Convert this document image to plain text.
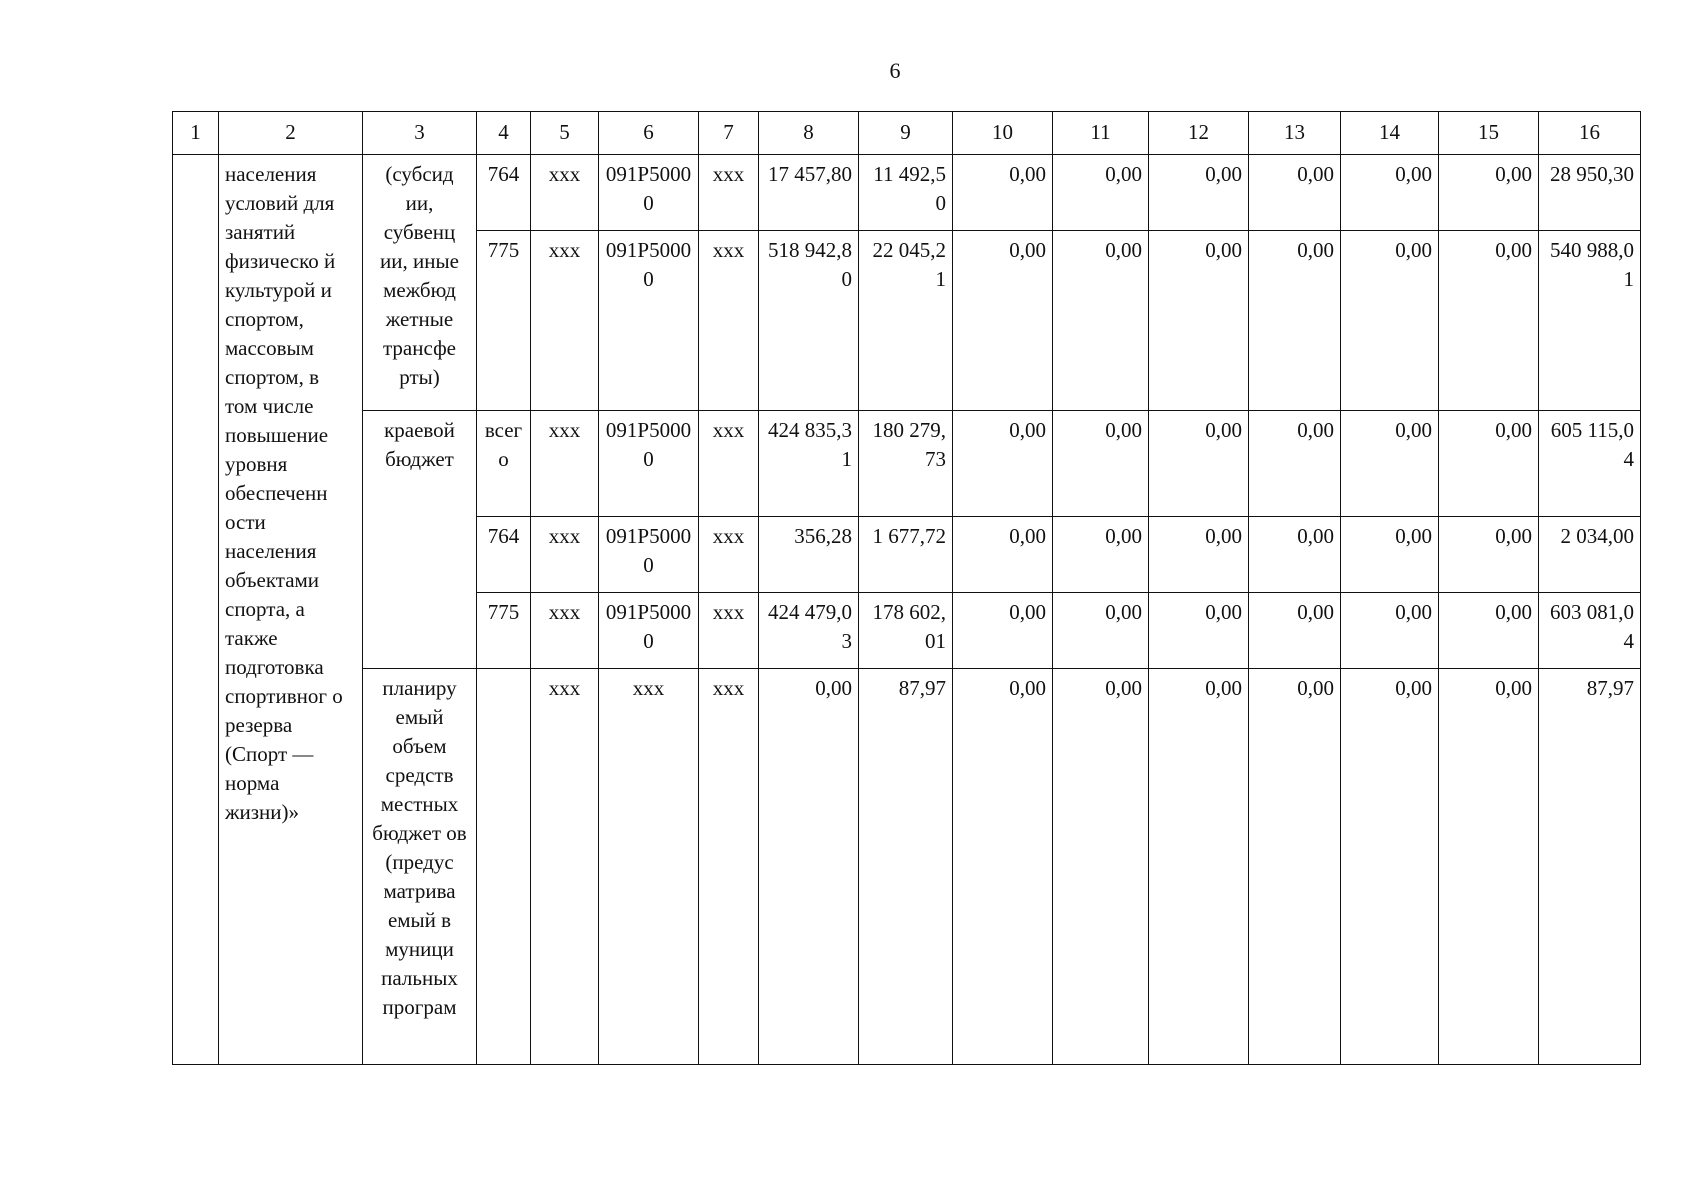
6
1	2	3	4	5	6	7	8	9	10	11	12	13	14	15	16
	населения условий для занятий физическо й культурой и спортом, массовым спортом, в том числе повышение уровня обеспеченн ости населения объектами спорта, а также подготовка спортивног о резерва (Спорт — норма жизни)»	(субсид ии, субвенц ии, иные межбюд жетные трансфе рты)	764	xxx	091P50000	xxx	17 457,80	11 492,50	0,00	0,00	0,00	0,00	0,00	0,00	28 950,30
			775	xxx	091P50000	xxx	518 942,80	22 045,21	0,00	0,00	0,00	0,00	0,00	0,00	540 988,01
		краевой бюджет	всего	xxx	091P50000	xxx	424 835,31	180 279,73	0,00	0,00	0,00	0,00	0,00	0,00	605 115,04
			764	xxx	091P50000	xxx	356,28	1 677,72	0,00	0,00	0,00	0,00	0,00	0,00	2 034,00
			775	xxx	091P50000	xxx	424 479,03	178 602,01	0,00	0,00	0,00	0,00	0,00	0,00	603 081,04
		планиру емый объем средств местных бюджет ов (предус матрива емый в муници пальных програм		xxx	xxx	xxx	0,00	87,97	0,00	0,00	0,00	0,00	0,00	0,00	87,97
